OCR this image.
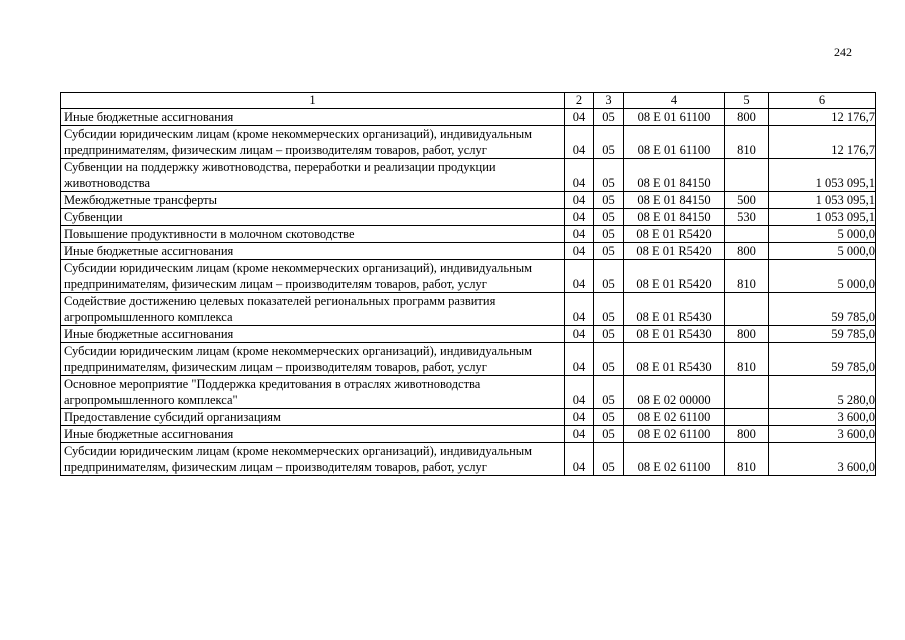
242
1	2	3	4	5	6
Иные бюджетные ассигнования	04	05	08 Е 01 61100	800	12 176,7
Субсидии юридическим лицам (кроме некоммерческих организаций), индивидуальным предпринимателям, физическим лицам – производителям товаров, работ, услуг	04	05	08 Е 01 61100	810	12 176,7
Субвенции на поддержку животноводства, переработки и реализации продукции животноводства	04	05	08 Е 01 84150		1 053 095,1
Межбюджетные трансферты	04	05	08 Е 01 84150	500	1 053 095,1
Субвенции	04	05	08 Е 01 84150	530	1 053 095,1
Повышение продуктивности в молочном скотоводстве	04	05	08 Е 01 R5420		5 000,0
Иные бюджетные ассигнования	04	05	08 Е 01 R5420	800	5 000,0
Субсидии юридическим лицам (кроме некоммерческих организаций), индивидуальным предпринимателям, физическим лицам – производителям товаров, работ, услуг	04	05	08 Е 01 R5420	810	5 000,0
Содействие достижению целевых показателей региональных программ развития агропромышленного комплекса	04	05	08 Е 01 R5430		59 785,0
Иные бюджетные ассигнования	04	05	08 Е 01 R5430	800	59 785,0
Субсидии юридическим лицам (кроме некоммерческих организаций), индивидуальным предпринимателям, физическим лицам – производителям товаров, работ, услуг	04	05	08 Е 01 R5430	810	59 785,0
Основное мероприятие "Поддержка кредитования в отраслях животноводства агропромышленного комплекса"	04	05	08 Е 02 00000		5 280,0
Предоставление субсидий организациям	04	05	08 Е 02 61100		3 600,0
Иные бюджетные ассигнования	04	05	08 Е 02 61100	800	3 600,0
Субсидии юридическим лицам (кроме некоммерческих организаций), индивидуальным предпринимателям, физическим лицам – производителям товаров, работ, услуг	04	05	08 Е 02 61100	810	3 600,0
